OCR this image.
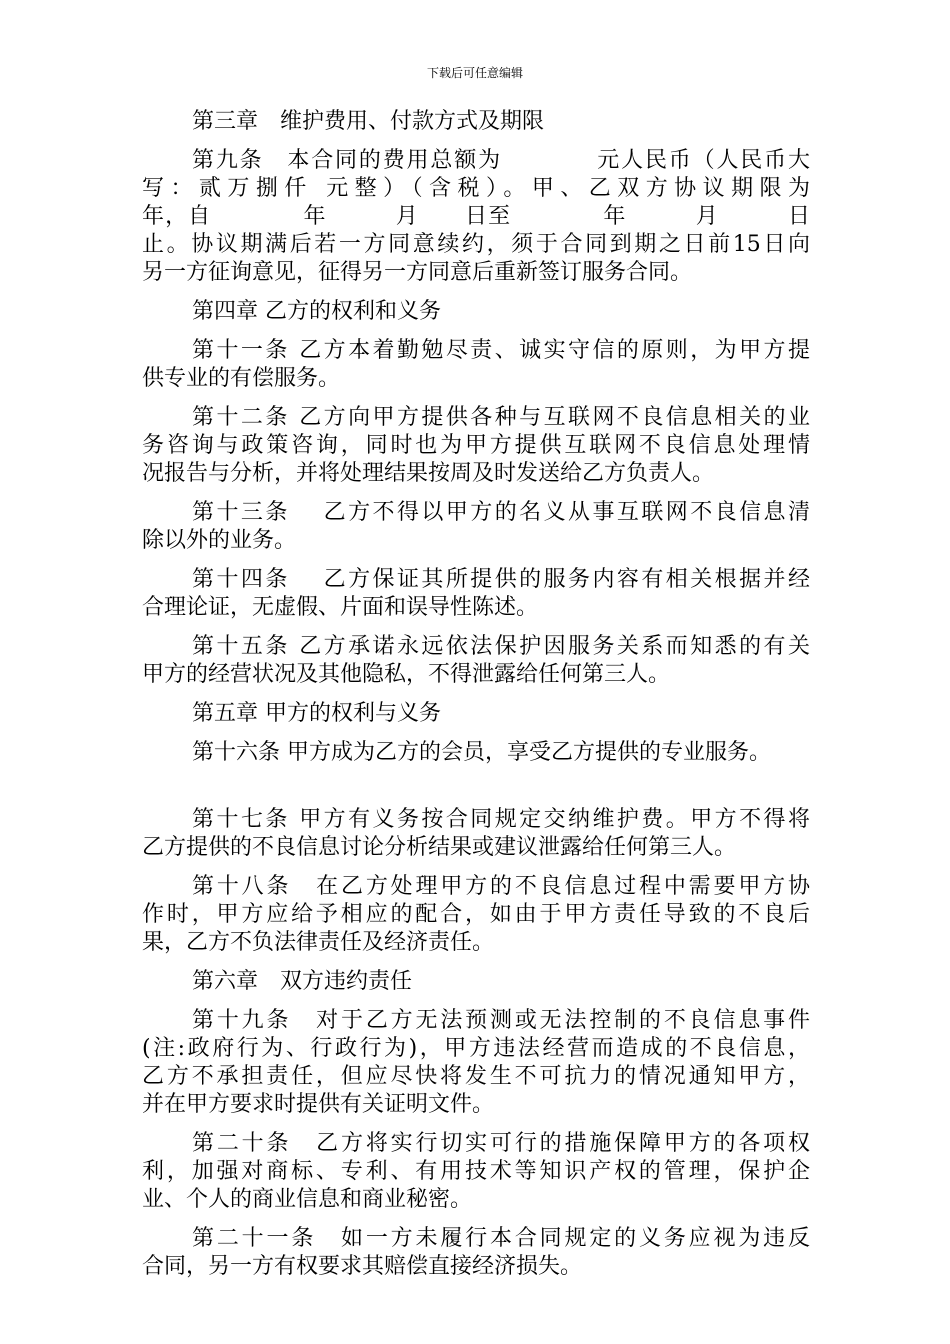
下载后可任意编辑
第三章　维护费用、付款方式及期限
第九条　本合同的费用总额为　　　　元人民币（人民币大
写：贰万捌仟 元整）（含税）。甲、乙双方协议期限为
年，自　　　　年　　　月　　日至　　　　年　　　月　　　日
止。协议期满后若一方同意续约，须于合同到期之日前15日向
另一方征询意见，征得另一方同意后重新签订服务合同。
第四章 乙方的权利和义务
第十一条 乙方本着勤勉尽责、诚实守信的原则，为甲方提
供专业的有偿服务。
第十二条 乙方向甲方提供各种与互联网不良信息相关的业
务咨询与政策咨询，同时也为甲方提供互联网不良信息处理情
况报告与分析，并将处理结果按周及时发送给乙方负责人。
第十三条　 乙方不得以甲方的名义从事互联网不良信息清
除以外的业务。
第十四条　 乙方保证其所提供的服务内容有相关根据并经
合理论证，无虚假、片面和误导性陈述。
第十五条 乙方承诺永远依法保护因服务关系而知悉的有关
甲方的经营状况及其他隐私，不得泄露给任何第三人。
第五章 甲方的权利与义务
第十六条 甲方成为乙方的会员，享受乙方提供的专业服务。
第十七条 甲方有义务按合同规定交纳维护费。甲方不得将
乙方提供的不良信息讨论分析结果或建议泄露给任何第三人。
第十八条　在乙方处理甲方的不良信息过程中需要甲方协
作时，甲方应给予相应的配合，如由于甲方责任导致的不良后
果，乙方不负法律责任及经济责任。
第六章　双方违约责任
第十九条　对于乙方无法预测或无法控制的不良信息事件
(注:政府行为、行政行为)，甲方违法经营而造成的不良信息，
乙方不承担责任，但应尽快将发生不可抗力的情况通知甲方，
并在甲方要求时提供有关证明文件。
第二十条　乙方将实行切实可行的措施保障甲方的各项权
利，加强对商标、专利、有用技术等知识产权的管理，保护企
业、个人的商业信息和商业秘密。
第二十一条　如一方未履行本合同规定的义务应视为违反
合同，另一方有权要求其赔偿直接经济损失。
